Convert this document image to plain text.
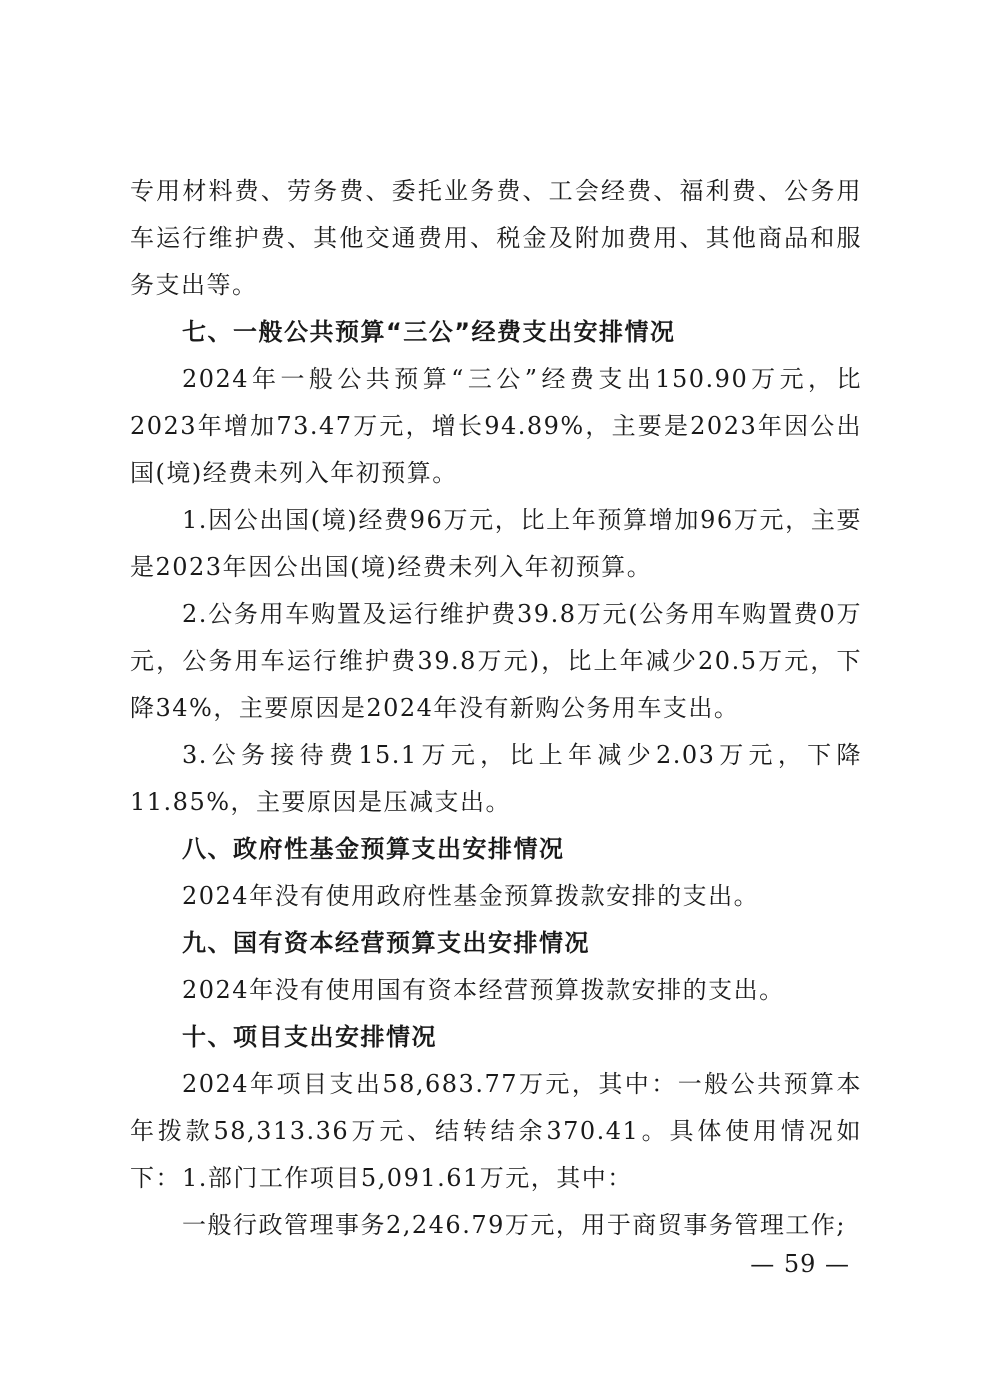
专用材料费、劳务费、委托业务费、工会经费、福利费、公务用车运行维护费、其他交通费用、税金及附加费用、其他商品和服务支出等。

七、一般公共预算“三公”经费支出安排情况

2024年一般公共预算“三公”经费支出150.90万元，比2023年增加73.47万元，增长94.89%，主要是2023年因公出国(境)经费未列入年初预算。

1.因公出国(境)经费96万元，比上年预算增加96万元，主要是2023年因公出国(境)经费未列入年初预算。

2.公务用车购置及运行维护费39.8万元(公务用车购置费0万元，公务用车运行维护费39.8万元)，比上年减少20.5万元，下降34%，主要原因是2024年没有新购公务用车支出。

3.公务接待费15.1万元，比上年减少2.03万元，下降11.85%，主要原因是压减支出。

八、政府性基金预算支出安排情况

2024年没有使用政府性基金预算拨款安排的支出。

九、国有资本经营预算支出安排情况

2024年没有使用国有资本经营预算拨款安排的支出。

十、项目支出安排情况

2024年项目支出58,683.77万元，其中：一般公共预算本年拨款58,313.36万元、结转结余370.41。具体使用情况如下： 1.部门工作项目5,091.61万元，其中：

一般行政管理事务2,246.79万元，用于商贸事务管理工作;

— 59 —
